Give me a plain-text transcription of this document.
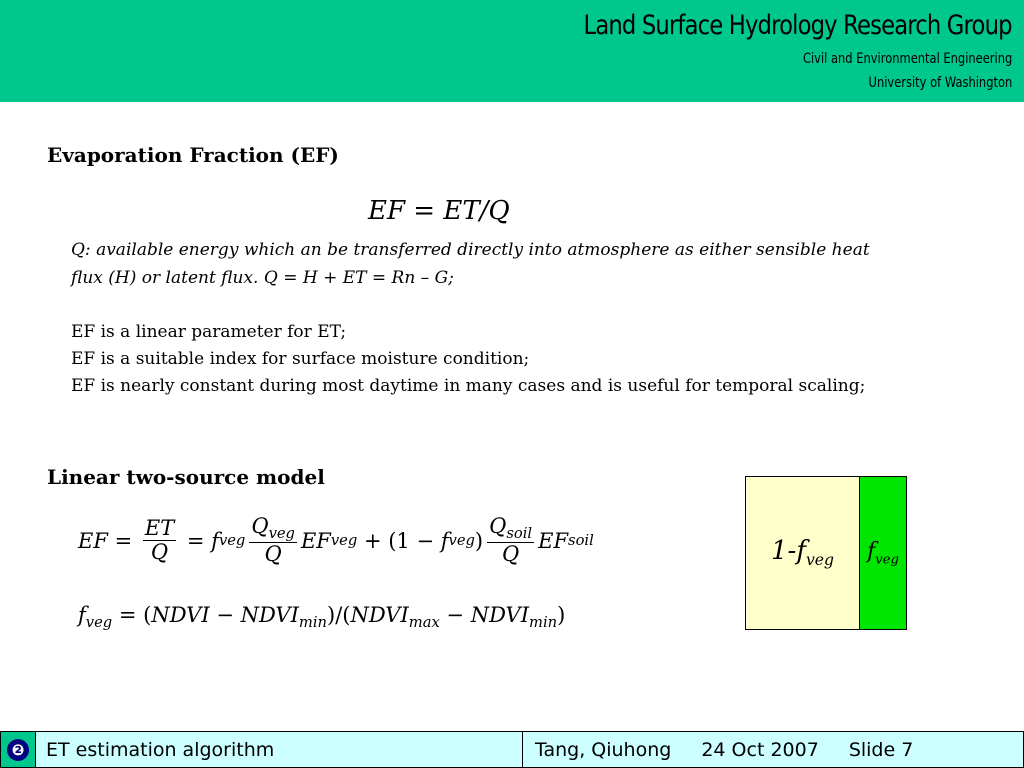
Land Surface Hydrology Research Group
Civil and Environmental Engineering
University of Washington
Evaporation Fraction (EF)
EF = ET/Q
Q: available energy which an be transferred directly into atmosphere as either sensible heat
flux (H) or latent flux. Q = H + ET = Rn – G;
EF is a linear parameter for ET;
EF is a suitable index for surface moisture condition;
EF is nearly constant during most daytime in many cases and is useful for temporal scaling;
Linear two-source model
EF = $\frac{ET}{Q} = f$ veg $\frac{Q_{veg}}{Q}$ EF veg + (1 − f veg ) $\frac{Q_{soil}}{Q}$ EF soil
$f_{veg}$ = (NDVI − $NDVI_{min})/(NDVI_{max}$ − $NDVI_{min}$)
$1-f_{veg}$ $f_{veg}$
❷	ET estimation algorithm	Tang, Qiuhong 24 Oct 2007 Slide 7
